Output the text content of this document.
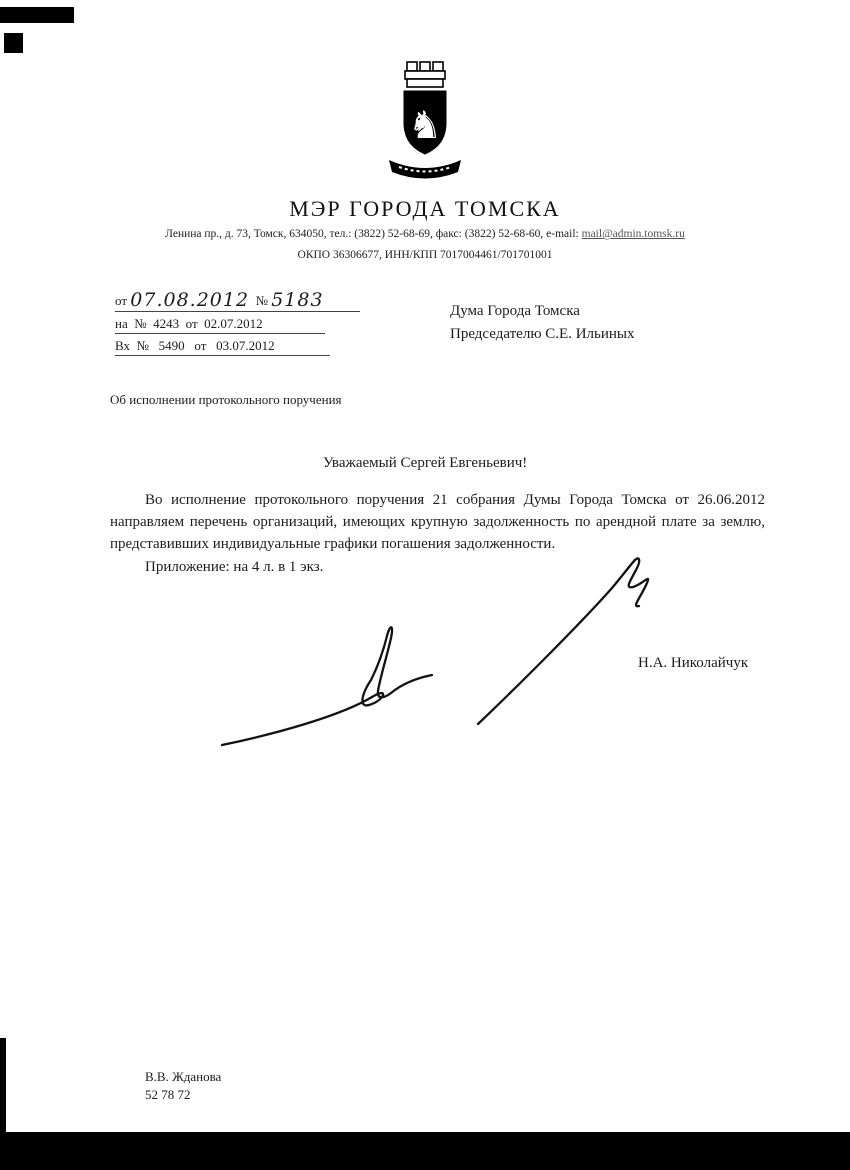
♞
МЭР ГОРОДА ТОМСКА
Ленина пр., д. 73, Томск, 634050, тел.: (3822) 52-68-69, факс: (3822) 52-68-60, e-mail: mail@admin.tomsk.ru
ОКПО 36306677, ИНН/КПП 7017004461/701701001
от 07.08.2012  № 5183
на  №  4243  от  02.07.2012
Вх  №   5490   от   03.07.2012
Дума Города Томска
Председателю С.Е. Ильиных
Об исполнении протокольного поручения
Уважаемый Сергей Евгеньевич!

Во исполнение протокольного поручения 21 собрания Думы Города Томска от 26.06.2012 направляем перечень организаций, имеющих крупную задолженность по арендной плате за землю, представивших индивидуальные графики погашения задолженности.

Приложение: на 4 л. в 1 экз.

Н.А. Николайчук
В.В. Жданова
52 78 72
